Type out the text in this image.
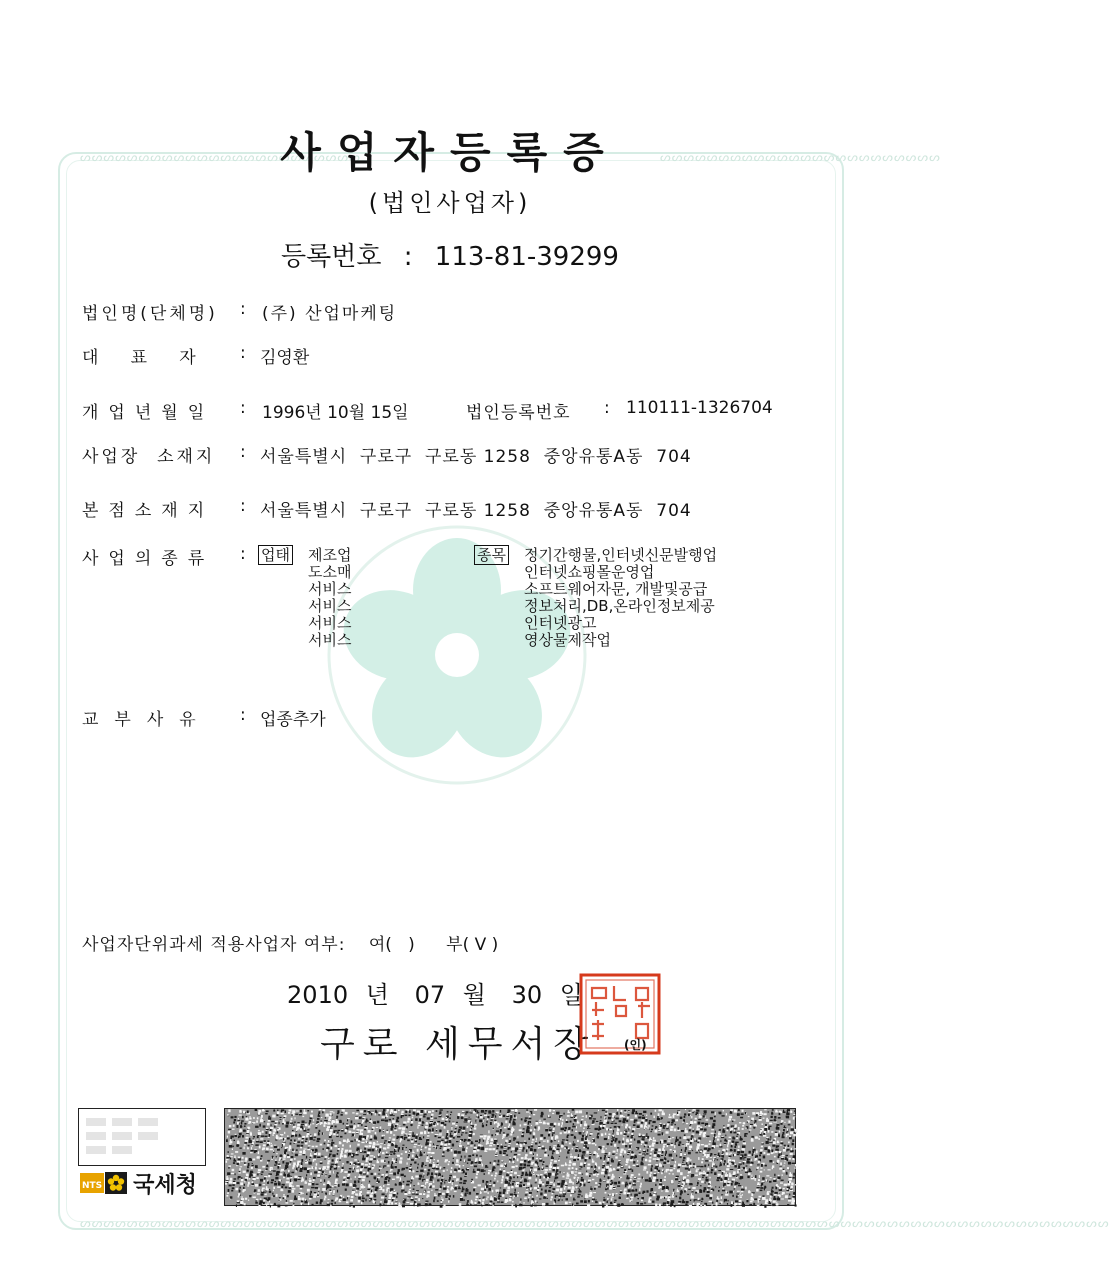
ᔕᔕᔕᔕᔕᔕᔕᔕᔕᔕᔕᔕᔕᔕᔕᔕᔕᔕᔕᔕᔕᔕᔕᔕ	ᔕᔕᔕᔕᔕᔕᔕᔕᔕᔕᔕᔕᔕᔕᔕᔕᔕᔕᔕᔕᔕᔕᔕᔕ
ᔕᔕᔕᔕᔕᔕᔕᔕᔕᔕᔕᔕᔕᔕᔕᔕᔕᔕᔕᔕᔕᔕᔕᔕᔕᔕᔕᔕᔕᔕᔕᔕᔕᔕᔕᔕᔕᔕᔕᔕᔕᔕᔕᔕᔕᔕᔕᔕᔕᔕᔕᔕᔕᔕᔕᔕᔕᔕᔕᔕᔕᔕᔕᔕᔕᔕᔕᔕᔕᔕᔕᔕᔕᔕᔕᔕᔕᔕᔕᔕᔕᔕᔕᔕᔕᔕᔕᔕ
사업자등록증
(법인사업자)
등록번호 : 113-81-39299
법인명(단체명) : (주) 산업마케팅
대   표   자 : 김영환
개업년월일 : 1996년 10월 15일	법인등록번호 : 110111-1326704
사업장  소재지 : 서울특별시  구로구  구로동 1258  중앙유통A동  704
본점소재지 : 서울특별시  구로구  구로동 1258  중앙유통A동  704
사업의종류 : 업태 제조업
도소매
서비스
서비스
서비스
서비스
종목 정기간행물,인터넷신문발행업
인터넷쇼핑몰운영업
소프트웨어자문, 개발및공급
정보처리,DB,온라인정보제공
인터넷광고
영상물제작업
교부사유 : 업종추가
사업자단위과세 적용사업자 여부: 여(   ) 부( V )
2010 년 07 월 30 일
구로 세무서장 (인)
NTS 국세청
